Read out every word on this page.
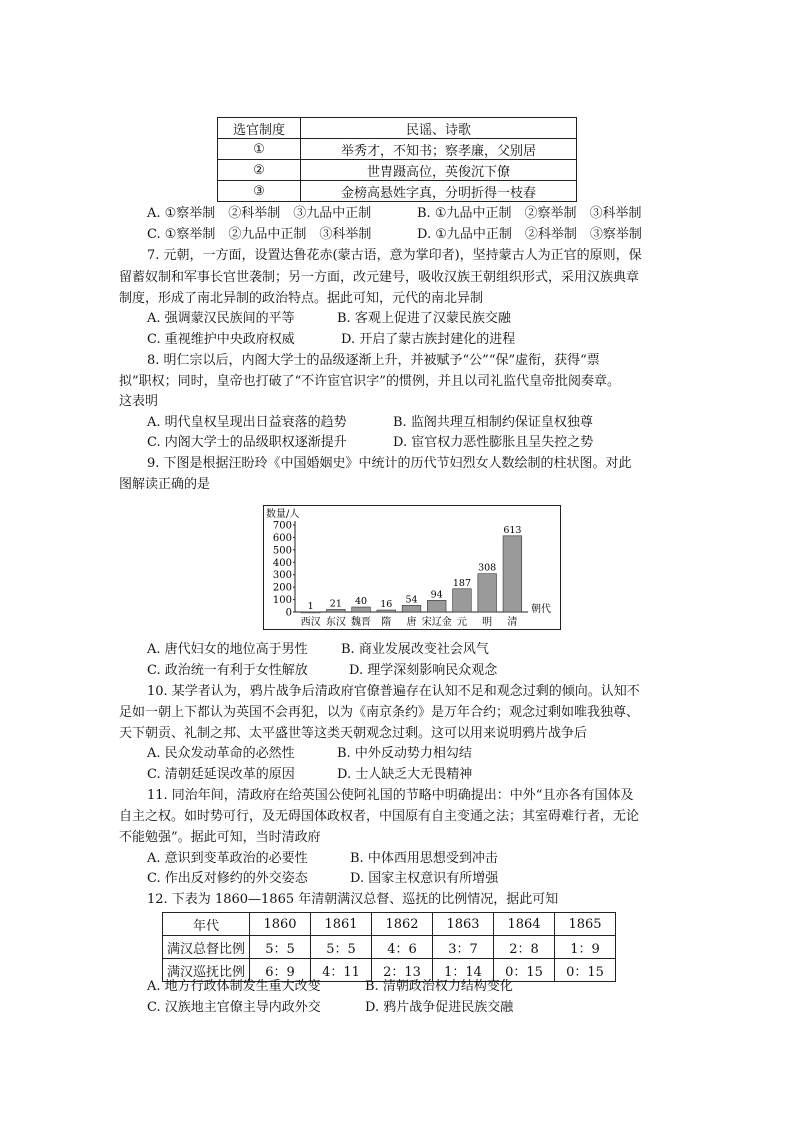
选官制度	民谣、诗歌
①	举秀才，不知书；察孝廉，父别居
②	世胄蹑高位，英俊沉下僚
③	金榜高悬姓字真，分明折得一枝春
A. ①察举制　②科举制　③九品中正制	B. ①九品中正制　②察举制　③科举制
C. ①察举制　②九品中正制　③科举制	D. ①九品中正制　②科举制　③察举制
7. 元朝，一方面，设置达鲁花赤(蒙古语，意为掌印者)，坚持蒙古人为正官的原则，保
留蓄奴制和军事长官世袭制；另一方面，改元建号，吸收汉族王朝组织形式，采用汉族典章
制度，形成了南北异制的政治特点。据此可知，元代的南北异制
A. 强调蒙汉民族间的平等	B. 客观上促进了汉蒙民族交融
C. 重视维护中央政府权威	D. 开启了蒙古族封建化的进程
8. 明仁宗以后，内阁大学士的品级逐渐上升，并被赋予“公”“保”虚衔，获得“票
拟”职权；同时，皇帝也打破了“不许宦官识字”的惯例，并且以司礼监代皇帝批阅奏章。
这表明
A. 明代皇权呈现出日益衰落的趋势	B. 监阁共理互相制约保证皇权独尊
C. 内阁大学士的品级职权逐渐提升	D. 宦官权力恶性膨胀且呈失控之势
9. 下图是根据汪盼玲《中国婚姻史》中统计的历代节妇烈女人数绘制的柱状图。对此
图解读正确的是
数量/人
朝代
0
100
200
300
400
500
600
700
1
西汉
21
东汉
40
魏晋
16
隋
54
唐
94
宋辽金
187
元
308
明
613
清
A. 唐代妇女的地位高于男性	B. 商业发展改变社会风气
C. 政治统一有利于女性解放	D. 理学深刻影响民众观念
10. 某学者认为，鸦片战争后清政府官僚普遍存在认知不足和观念过剩的倾向。认知不
足如一朝上下都认为英国不会再犯，以为《南京条约》是万年合约；观念过剩如唯我独尊、
天下朝贡、礼制之邦、太平盛世等这类天朝观念过剩。这可以用来说明鸦片战争后
A. 民众发动革命的必然性	B. 中外反动势力相勾结
C. 清朝廷延误改革的原因	D. 士人缺乏大无畏精神
11. 同治年间，清政府在给英国公使阿礼国的节略中明确提出：中外“且亦各有国体及
自主之权。如时势可行，及无碍国体政权者，中国原有自主变通之法；其室碍难行者，无论
不能勉强”。据此可知，当时清政府
A. 意识到变革政治的必要性	B. 中体西用思想受到冲击
C. 作出反对修约的外交姿态	D. 国家主权意识有所增强
12. 下表为 1860—1865 年清朝满汉总督、巡抚的比例情况，据此可知
年代	1860	1861	1862	1863	1864	1865
满汉总督比例	5：5	5：5	4：6	3：7	2：8	1：9
满汉巡抚比例	6：9	4：11	2：13	1：14	0：15	0：15
A. 地方行政体制发生重大改变	B. 清朝政治权力结构变化
C. 汉族地主官僚主导内政外交	D. 鸦片战争促进民族交融
